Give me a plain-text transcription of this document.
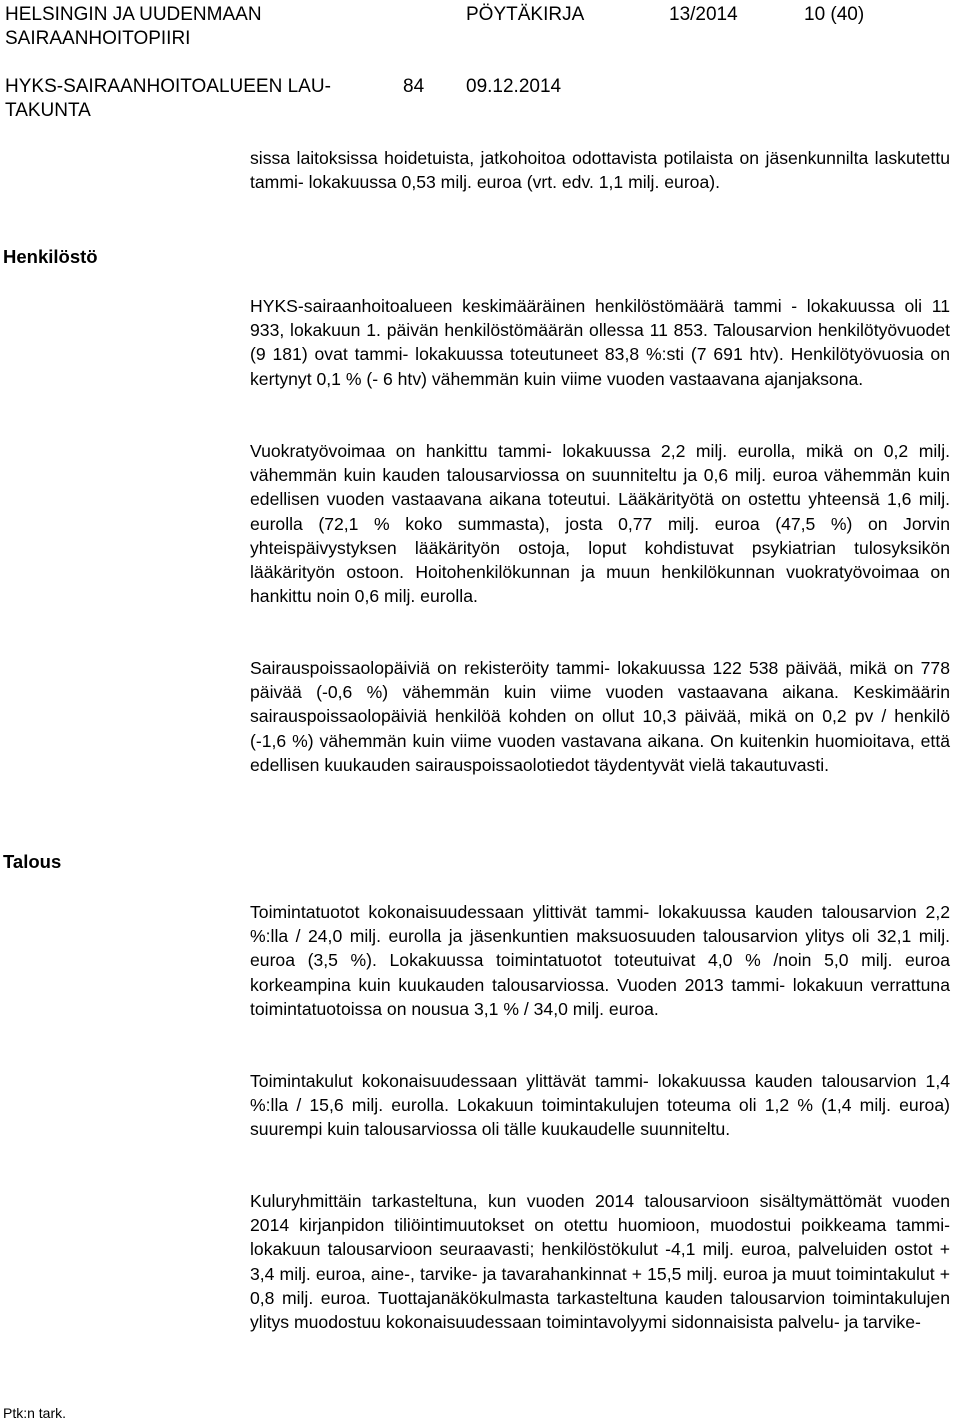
HELSINGIN JA UUDENMAAN
SAIRAANHOITOPIIRI
PÖYTÄKIRJA	13/2014	10 (40)
HYKS-SAIRAANHOITOALUEEN LAU-
TAKUNTA
84 09.12.2014

sissa laitoksissa hoidetuista, jatkohoitoa odottavista potilaista on jäsenkunnilta laskutettu tammi- lokakuussa 0,53 milj. euroa (vrt. edv. 1,1 milj. euroa).

Henkilöstö

HYKS-sairaanhoitoalueen keskimääräinen henkilöstömäärä tammi - lokakuussa oli 11 933, lokakuun 1. päivän henkilöstömäärän ollessa 11 853. Talousarvion henkilötyövuodet (9 181) ovat tammi- lokakuussa toteutuneet 83,8 %:sti (7 691 htv). Henkilötyövuosia on kertynyt 0,1 % (- 6 htv) vähemmän kuin viime vuoden vastaavana ajanjaksona.

Vuokratyövoimaa on hankittu tammi- lokakuussa 2,2 milj. eurolla, mikä on 0,2 milj. vähemmän kuin kauden talousarviossa on suunniteltu ja 0,6 milj. euroa vähemmän kuin edellisen vuoden vastaavana aikana toteutui. Lääkärityötä on ostettu yhteensä 1,6 milj. eurolla (72,1 % koko summasta), josta 0,77 milj. euroa (47,5 %) on Jorvin yhteispäivystyksen lääkärityön ostoja, loput kohdistuvat psykiatrian tulosyksikön lääkärityön ostoon. Hoitohenkilökunnan ja muun henkilökunnan vuokratyövoimaa on hankittu noin 0,6 milj. eurolla.

Sairauspoissaolopäiviä on rekisteröity tammi- lokakuussa 122 538 päivää, mikä on 778 päivää (-0,6 %) vähemmän kuin viime vuoden vastaavana aikana. Keskimäärin sairauspoissaolopäiviä henkilöä kohden on ollut 10,3 päivää, mikä on 0,2 pv / henkilö (-1,6 %) vähemmän kuin viime vuoden vastavana aikana. On kuitenkin huomioitava, että edellisen kuukauden sairauspoissaolotiedot täydentyvät vielä takautuvasti.

Talous

Toimintatuotot kokonaisuudessaan ylittivät tammi- lokakuussa kauden talousarvion 2,2 %:lla / 24,0 milj. eurolla ja jäsenkuntien maksuosuuden talousarvion ylitys oli 32,1 milj. euroa (3,5 %). Lokakuussa toimintatuotot toteutuivat 4,0 % /noin 5,0 milj. euroa korkeampina kuin kuukauden talousarviossa. Vuoden 2013 tammi- lokakuun verrattuna toimintatuotoissa on nousua 3,1 % / 34,0 milj. euroa.

Toimintakulut kokonaisuudessaan ylittävät tammi- lokakuussa kauden talousarvion 1,4 %:lla / 15,6 milj. eurolla. Lokakuun toimintakulujen toteuma oli 1,2 % (1,4 milj. euroa) suurempi kuin talousarviossa oli tälle kuukaudelle suunniteltu.

Kuluryhmittäin tarkasteltuna, kun vuoden 2014 talousarvioon sisältymättömät vuoden 2014 kirjanpidon tiliöintimuutokset on otettu huomioon, muodostui poikkeama tammi- lokakuun talousarvioon seuraavasti; henkilöstökulut -4,1 milj. euroa, palveluiden ostot + 3,4 milj. euroa, aine-, tarvike- ja tavarahankinnat + 15,5 milj. euroa ja muut toimintakulut + 0,8 milj. euroa. Tuottajanäkökulmasta tarkasteltuna kauden talousarvion toimintakulujen ylitys muodostuu kokonaisuudessaan toimintavolyymi sidonnaisista palvelu- ja tarvike-

Ptk:n tark.
